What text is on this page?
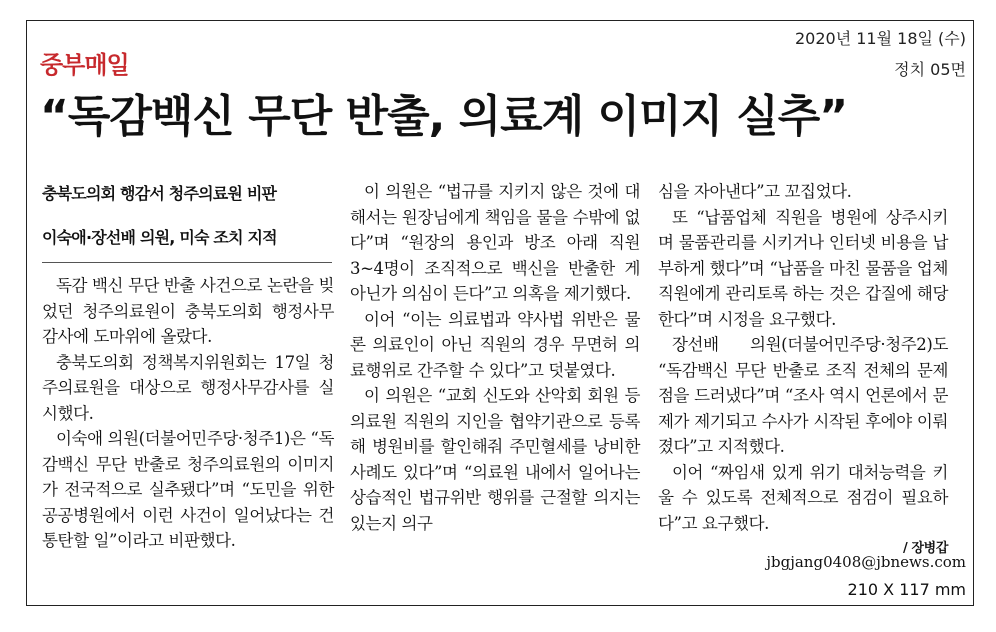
중부매일
2020년 11월 18일 (수)
정치 05면
“독감백신 무단 반출, 의료계 이미지 실추”
충북도의회 행감서 청주의료원 비판
이숙애·장선배 의원, 미숙 조치 지적

독감 백신 무단 반출 사건으로 논란을 빚었던 청주의료원이 충북도의회 행정사무감사에 도마위에 올랐다.

충북도의회 정책복지위원회는 17일 청주의료원을 대상으로 행정사무감사를 실시했다.

이숙애 의원(더불어민주당·청주1)은 “독감백신 무단 반출로 청주의료원의 이미지가 전국적으로 실추됐다”며 “도민을 위한 공공병원에서 이런 사건이 일어났다는 건 통탄할 일”이라고 비판했다.

이 의원은 “법규를 지키지 않은 것에 대해서는 원장님에게 책임을 물을 수밖에 없다”며 “원장의 용인과 방조 아래 직원 3~4명이 조직적으로 백신을 반출한 게 아닌가 의심이 든다”고 의혹을 제기했다.

이어 “이는 의료법과 약사법 위반은 물론 의료인이 아닌 직원의 경우 무면허 의료행위로 간주할 수 있다”고 덧붙였다.

이 의원은 “교회 신도와 산악회 회원 등 의료원 직원의 지인을 협약기관으로 등록해 병원비를 할인해줘 주민혈세를 낭비한 사례도 있다”며 “의료원 내에서 일어나는 상습적인 법규위반 행위를 근절할 의지는 있는지 의구

심을 자아낸다”고 꼬집었다.

또 “납품업체 직원을 병원에 상주시키며 물품관리를 시키거나 인터넷 비용을 납부하게 했다”며 “납품을 마친 물품을 업체 직원에게 관리토록 하는 것은 갑질에 해당한다”며 시정을 요구했다.

장선배 의원(더불어민주당·청주2)도 “독감백신 무단 반출로 조직 전체의 문제점을 드러냈다”며 “조사 역시 언론에서 문제가 제기되고 수사가 시작된 후에야 이뤄졌다”고 지적했다.

이어 “짜임새 있게 위기 대처능력을 키울 수 있도록 전체적으로 점검이 필요하다”고 요구했다.

/ 장병갑
jbgjang0408@jbnews.com
210 X 117 mm
